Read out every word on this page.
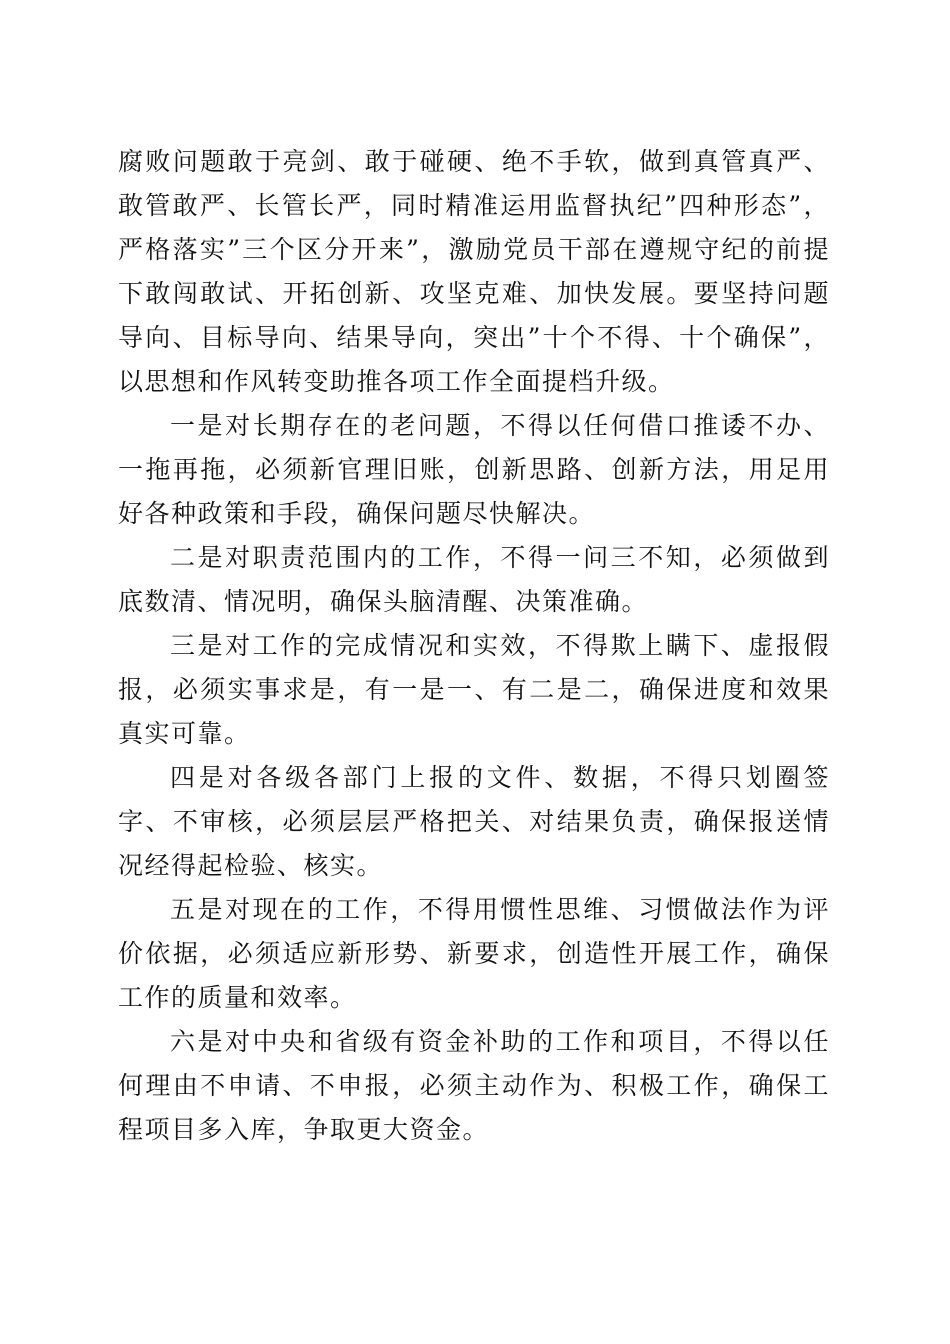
腐败问题敢于亮剑、敢于碰硬、绝不手软，做到真管真严、敢管敢严、长管长严，同时精准运用监督执纪”四种形态”，严格落实”三个区分开来”，激励党员干部在遵规守纪的前提下敢闯敢试、开拓创新、攻坚克难、加快发展。要坚持问题导向、目标导向、结果导向，突出”十个不得、十个确保”，以思想和作风转变助推各项工作全面提档升级。

一是对长期存在的老问题，不得以任何借口推诿不办、一拖再拖，必须新官理旧账，创新思路、创新方法，用足用好各种政策和手段，确保问题尽快解决。

二是对职责范围内的工作，不得一问三不知，必须做到底数清、情况明，确保头脑清醒、决策准确。

三是对工作的完成情况和实效，不得欺上瞒下、虚报假报，必须实事求是，有一是一、有二是二，确保进度和效果真实可靠。

四是对各级各部门上报的文件、数据，不得只划圈签字、不审核，必须层层严格把关、对结果负责，确保报送情况经得起检验、核实。

五是对现在的工作，不得用惯性思维、习惯做法作为评价依据，必须适应新形势、新要求，创造性开展工作，确保工作的质量和效率。

六是对中央和省级有资金补助的工作和项目，不得以任何理由不申请、不申报，必须主动作为、积极工作，确保工程项目多入库，争取更大资金。
